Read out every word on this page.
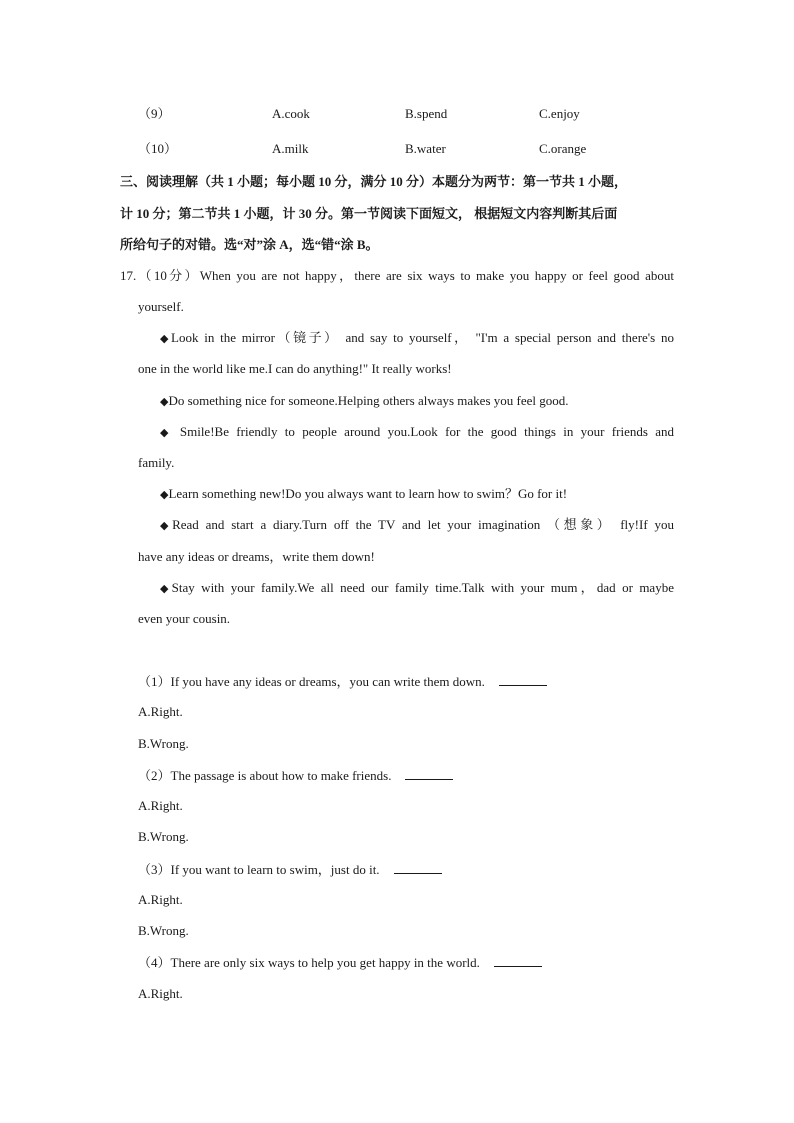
（9）	A.cook	B.spend	C.enjoy
（10）	A.milk	B.water	C.orange
三、阅读理解（共 1 小题；每小题 10 分，满分 10 分）本题分为两节：第一节共 1 小题，
计 10 分；第二节共 1 小题，计 30 分。第一节阅读下面短文， 根据短文内容判断其后面
所给句子的对错。选“对”涂 A，选“错“涂 B。
17.（10分）When you are not happy，there are six ways to make you happy or feel good about
yourself.
◆Look in the mirror（镜子） and say to yourself， "I'm a special person and there's no
one in the world like me.I can do anything!" It really works!
◆Do something nice for someone.Helping others always makes you feel good.
◆ Smile!Be friendly to people around you.Look for the good things in your friends and
family.
◆Learn something new!Do you always want to learn how to swim？Go for it!
◆Read and start a diary.Turn off the TV and let your imagination （想象） fly!If you
have any ideas or dreams，write them down!
◆Stay with your family.We all need our family time.Talk with your mum，dad or maybe
even your cousin.
（1）If you have any ideas or dreams，you can write them down.
A.Right.
B.Wrong.
（2）The passage is about how to make friends.
A.Right.
B.Wrong.
（3）If you want to learn to swim，just do it.
A.Right.
B.Wrong.
（4）There are only six ways to help you get happy in the world.
A.Right.
